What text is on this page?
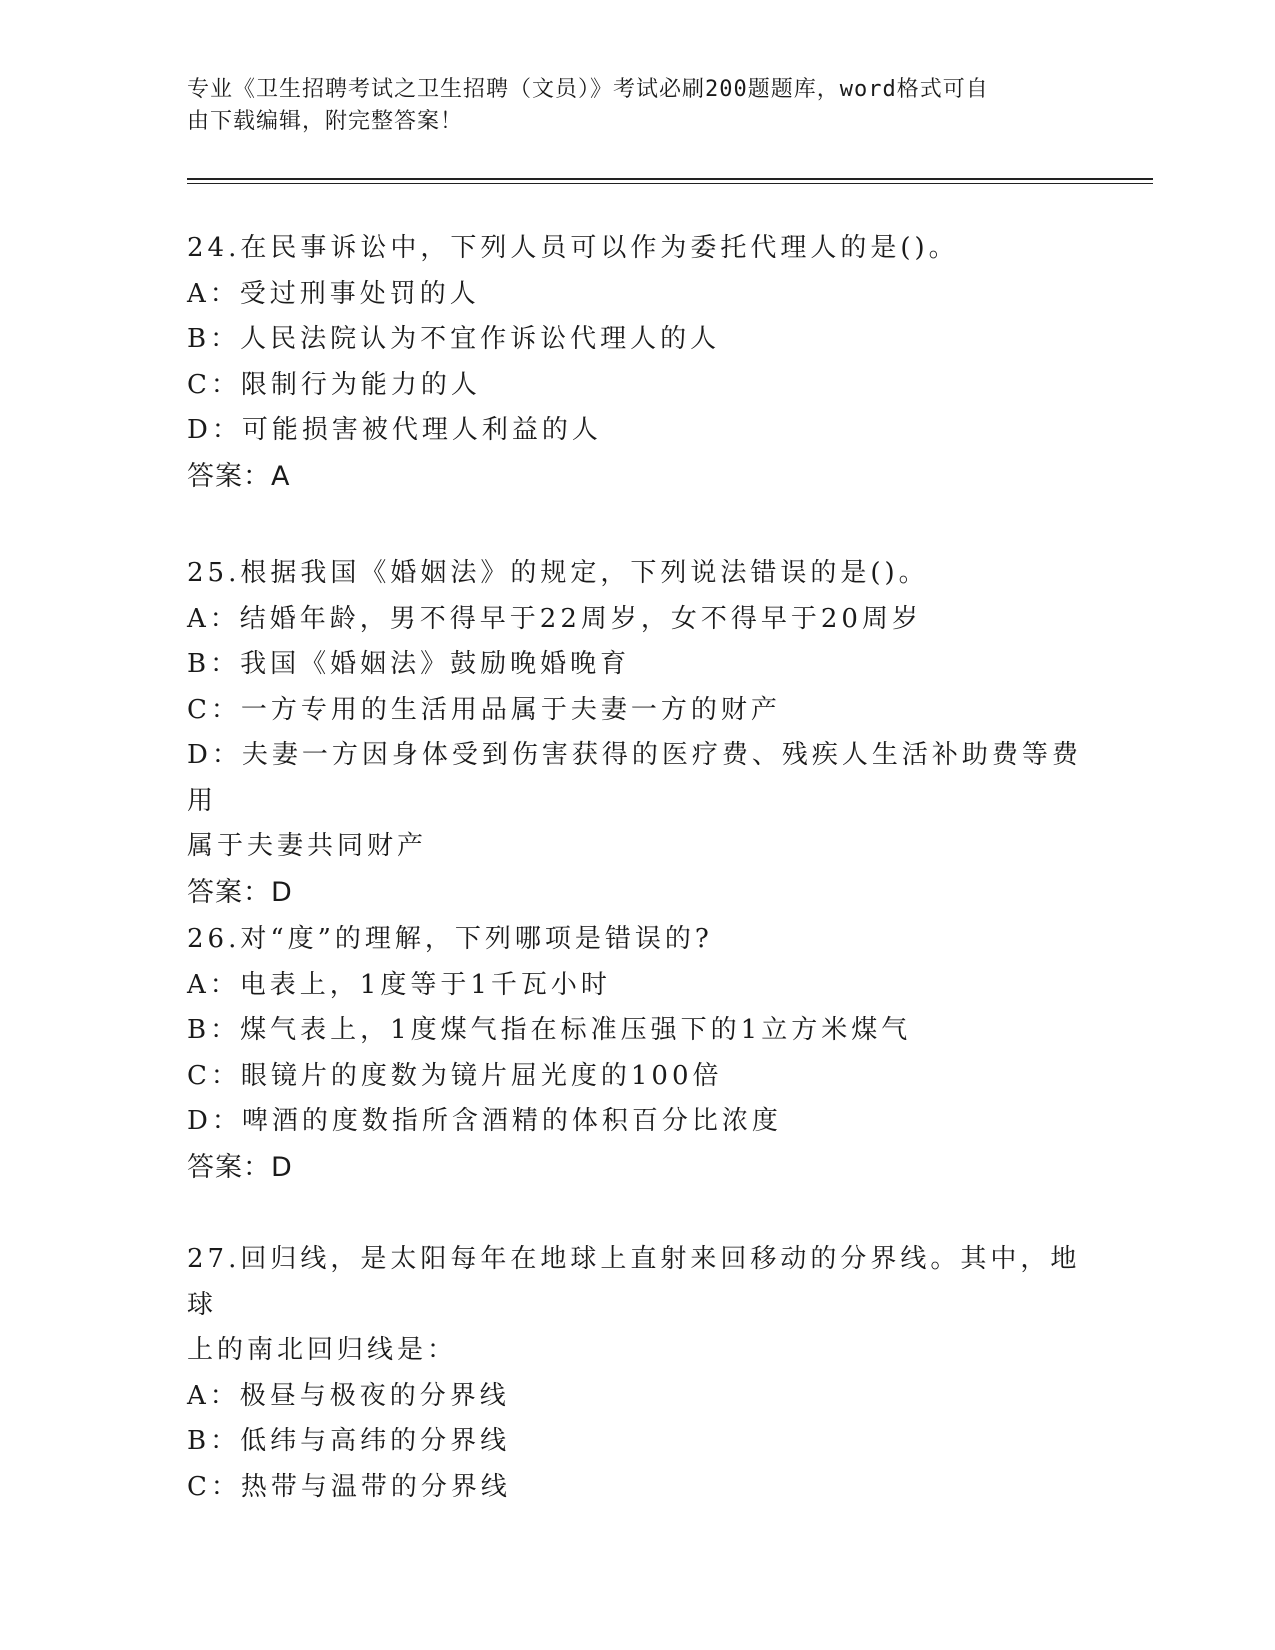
专业《卫生招聘考试之卫生招聘（文员）》考试必刷200题题库，word格式可自
由下载编辑，附完整答案！

24.在民事诉讼中，下列人员可以作为委托代理人的是()。

A：受过刑事处罚的人

B：人民法院认为不宜作诉讼代理人的人

C：限制行为能力的人

D：可能损害被代理人利益的人

答案：A

25.根据我国《婚姻法》的规定，下列说法错误的是()。

A：结婚年龄，男不得早于22周岁，女不得早于20周岁

B：我国《婚姻法》鼓励晚婚晚育

C：一方专用的生活用品属于夫妻一方的财产

D：夫妻一方因身体受到伤害获得的医疗费、残疾人生活补助费等费用

属于夫妻共同财产

答案：D

26.对“度”的理解，下列哪项是错误的?

A：电表上，1度等于1千瓦小时

B：煤气表上，1度煤气指在标准压强下的1立方米煤气

C：眼镜片的度数为镜片屈光度的100倍

D：啤酒的度数指所含酒精的体积百分比浓度

答案：D

27.回归线，是太阳每年在地球上直射来回移动的分界线。其中，地球

上的南北回归线是：

A：极昼与极夜的分界线

B：低纬与高纬的分界线

C：热带与温带的分界线
